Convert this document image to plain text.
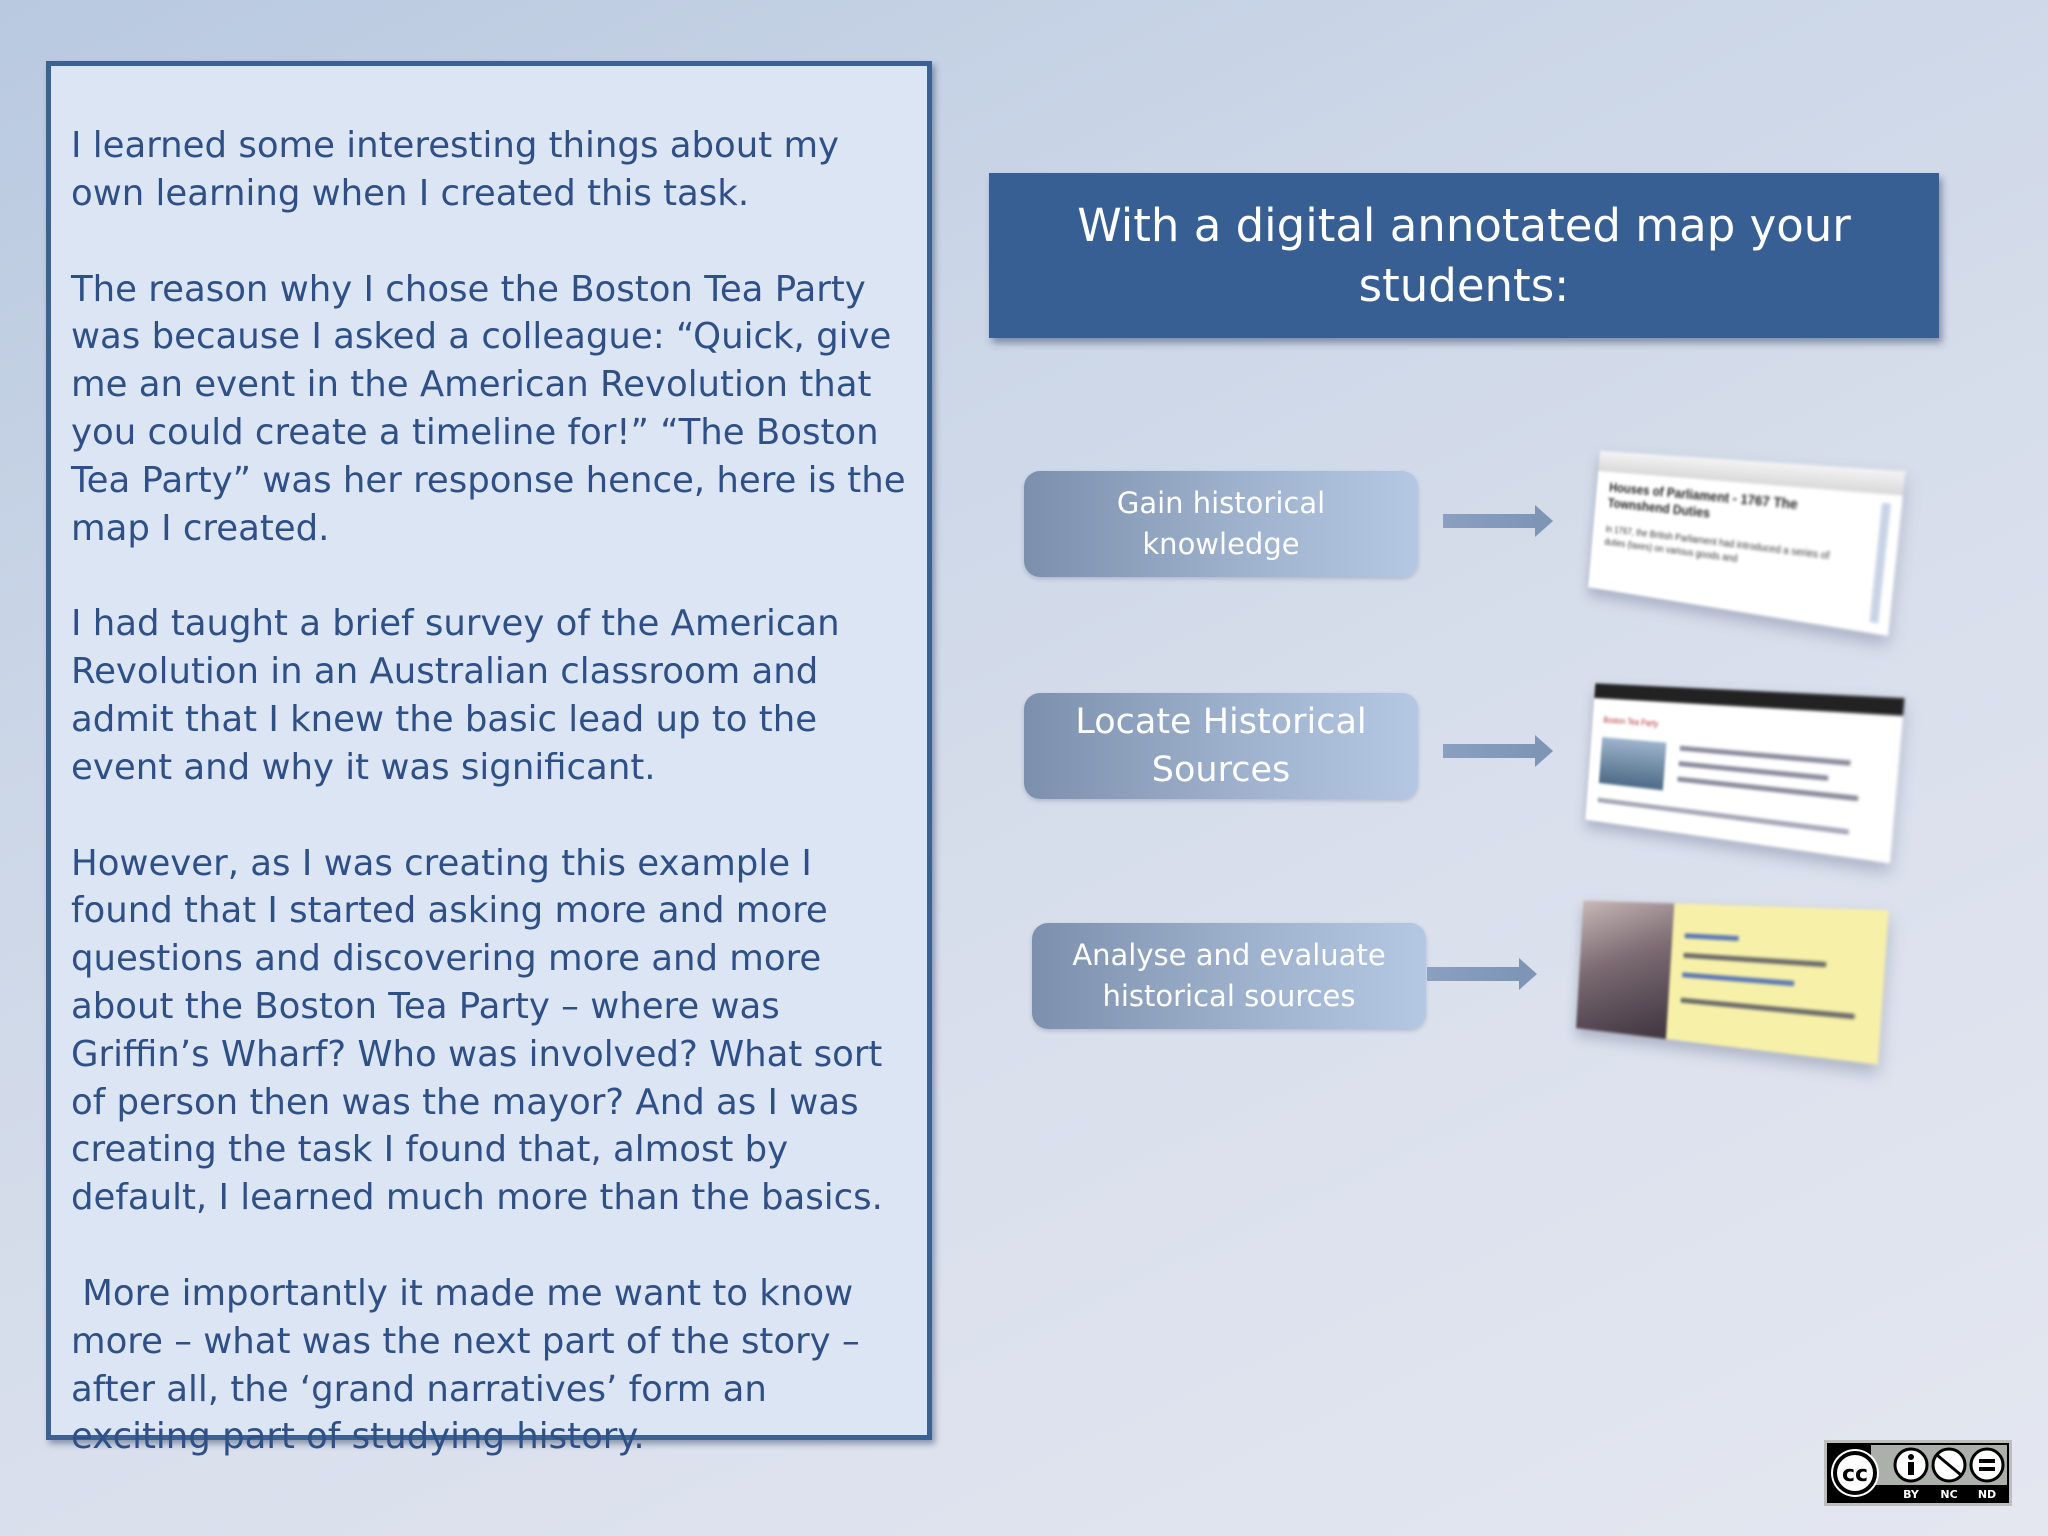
I learned some interesting things about my own learning when I created this task.

The reason why I chose the Boston Tea Party was because I asked a colleague: “Quick, give me an event in the American Revolution that you could create a timeline for!” “The Boston Tea Party” was her response hence, here is the map I created.

I had taught a brief survey of the American Revolution in an Australian classroom and admit that I knew the basic lead up to the event and why it was significant.

However, as I was creating this example I found that I started asking more and more questions and discovering more and more about the Boston Tea Party – where was Griffin’s Wharf? Who was involved? What sort of person then was the mayor? And as I was creating the task I found that, almost by default, I learned much more than the basics.

More importantly it made me want to know more – what was the next part of the story – after all, the ‘grand narratives’ form an exciting part of studying history.

With a digital annotated map your students:
Gain historical
knowledge
Houses of Parliament - 1767 The Townshend Duties
In 1767, the British Parliament had introduced a series of duties (taxes) on various goods and
Locate Historical
Sources
Boston Tea Party
Analyse and evaluate
historical sources
cc
BY NC ND
